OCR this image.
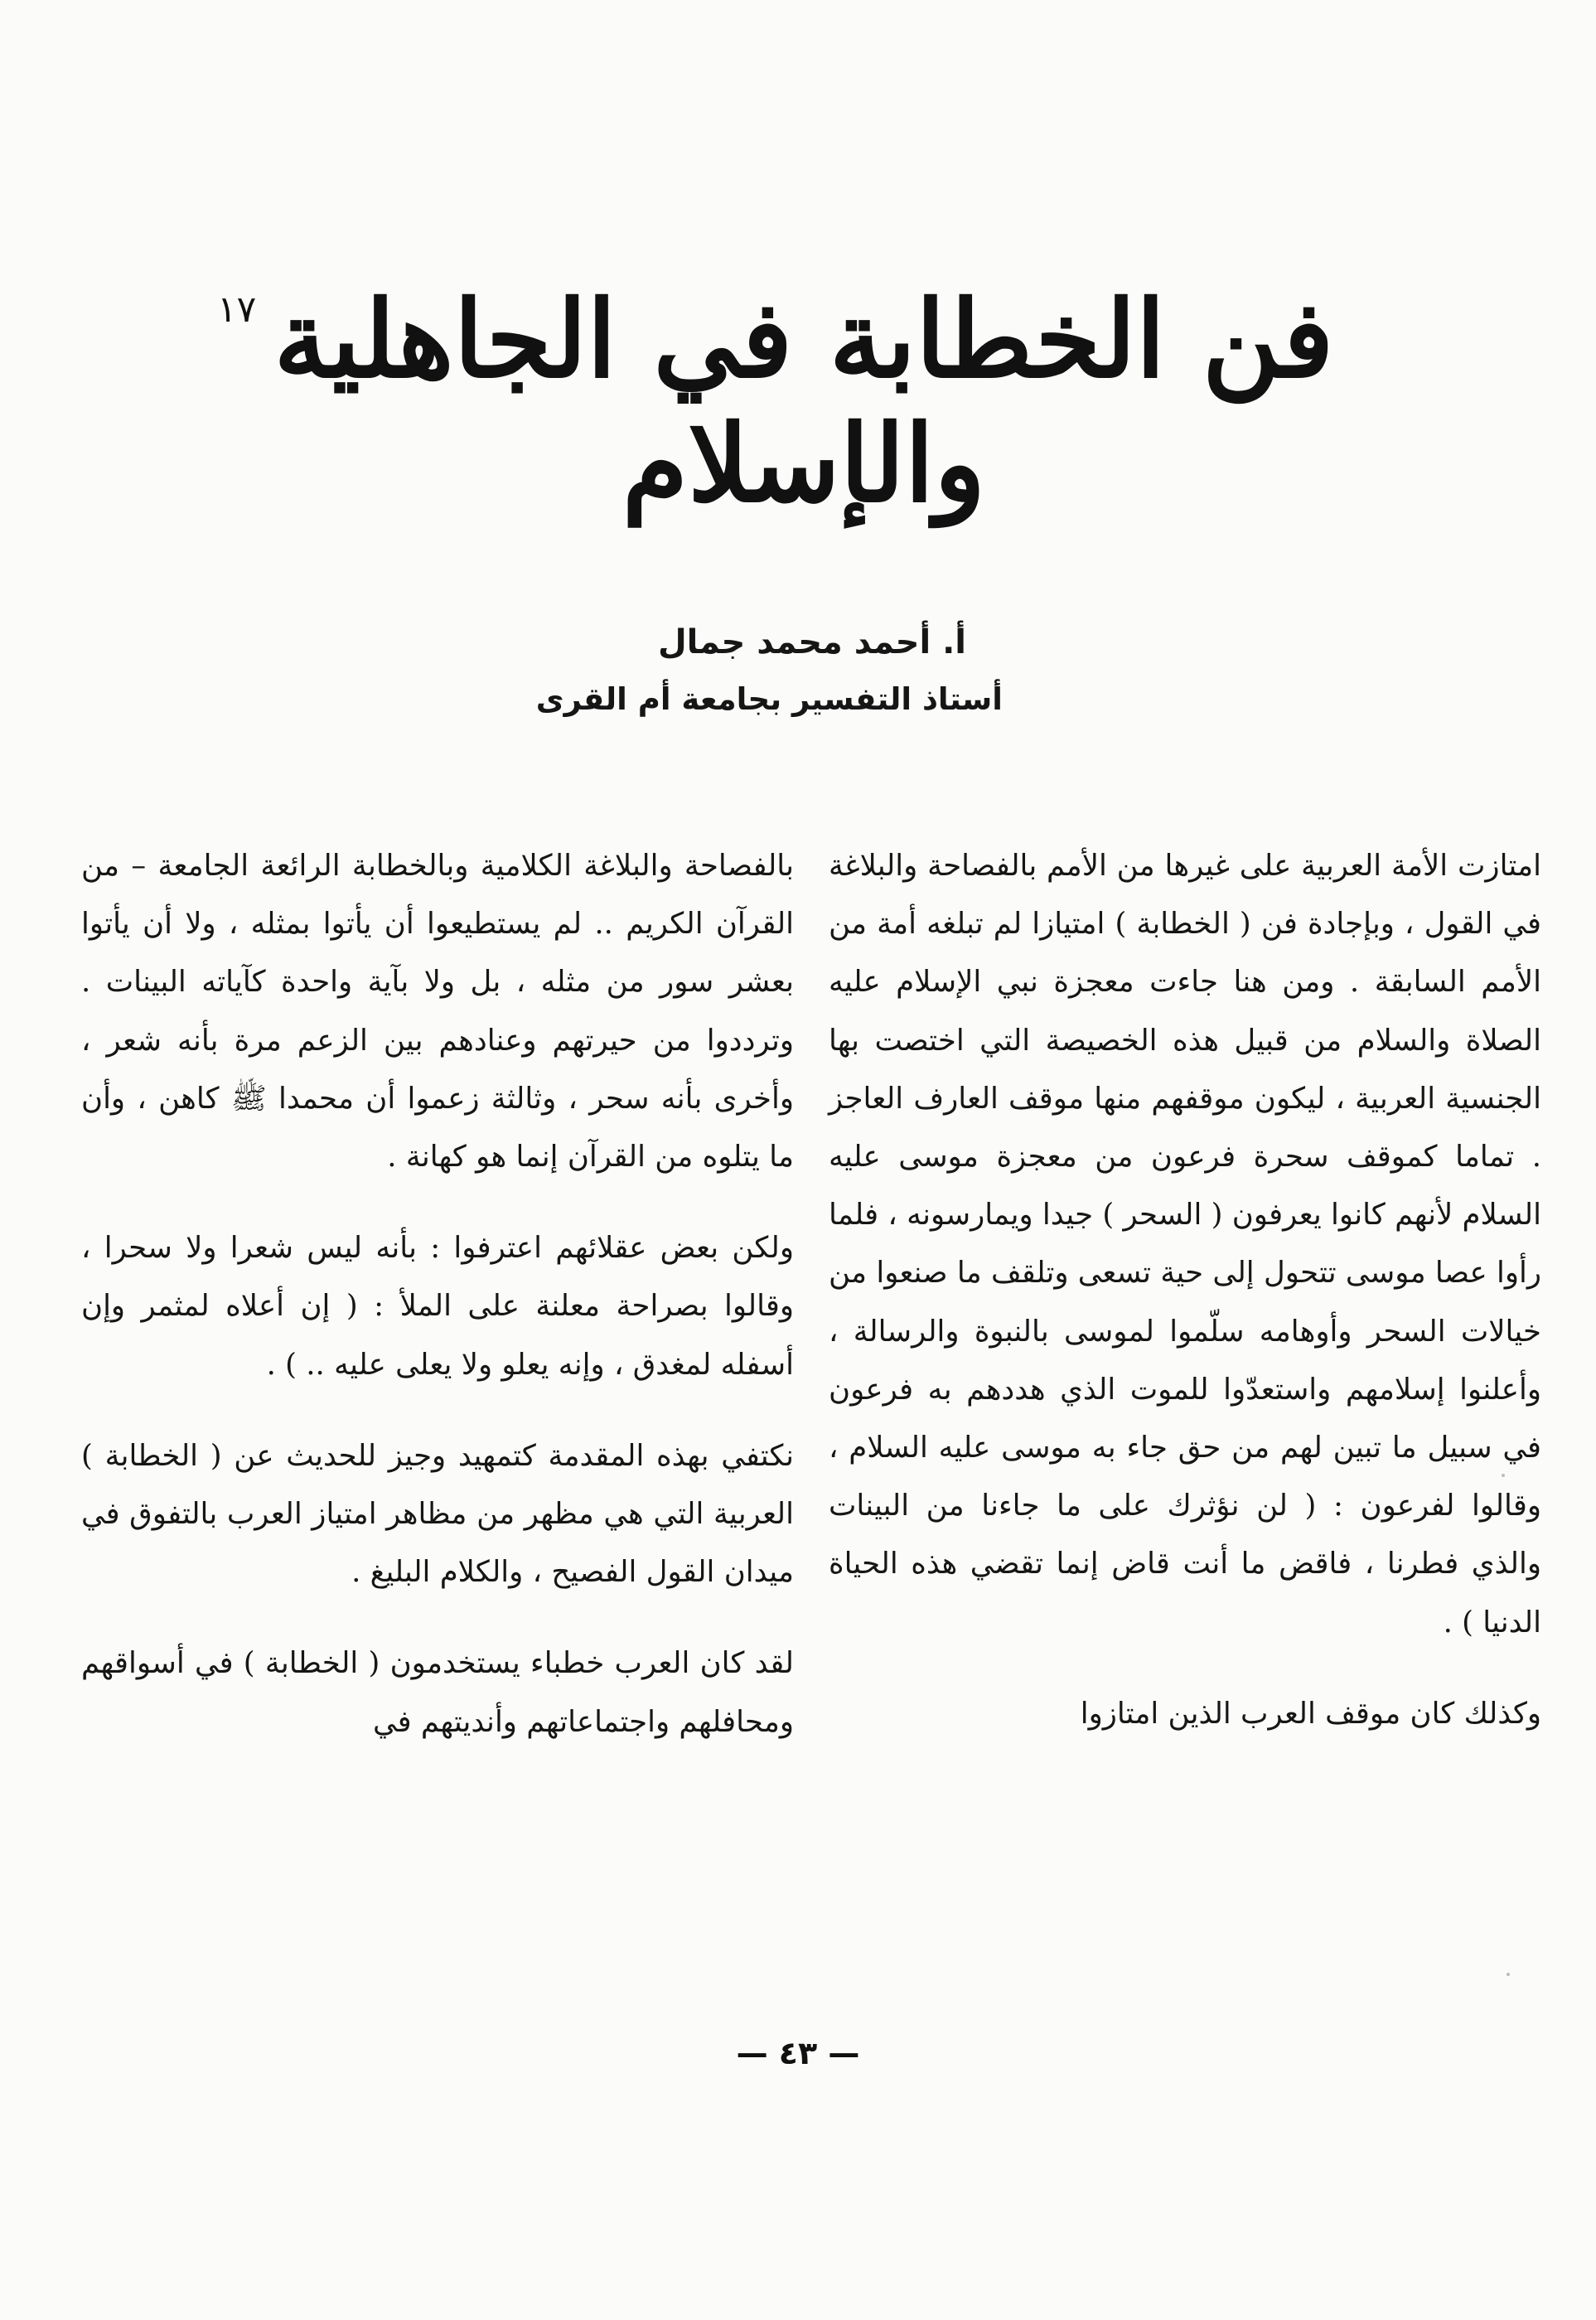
فن الخطابة في الجاهلية والإسلام
١٧
أ. أحمد محمد جمال
أستاذ التفسير بجامعة أم القرى

امتازت الأمة العربية على غيرها من الأمم بالفصاحة والبلاغة في القول ، وبإجادة فن ( الخطابة ) امتيازا لم تبلغه أمة من الأمم السابقة . ومن هنا جاءت معجزة نبي الإسلام عليه الصلاة والسلام من قبيل هذه الخصيصة التي اختصت بها الجنسية العربية ، ليكون موقفهم منها موقف العارف العاجز . تماما كموقف سحرة فرعون من معجزة موسى عليه السلام لأنهم كانوا يعرفون ( السحر ) جيدا ويمارسونه ، فلما رأوا عصا موسى تتحول إلى حية تسعى وتلقف ما صنعوا من خيالات السحر وأوهامه سلّموا لموسى بالنبوة والرسالة ، وأعلنوا إسلامهم واستعدّوا للموت الذي هددهم به فرعون في سبيل ما تبين لهم من حق جاء به موسى عليه السلام ، وقالوا لفرعون : ( لن نؤثرك على ما جاءنا من البينات والذي فطرنا ، فاقض ما أنت قاض إنما تقضي هذه الحياة الدنيا ) .

وكذلك كان موقف العرب الذين امتازوا

بالفصاحة والبلاغة الكلامية وبالخطابة الرائعة الجامعة – من القرآن الكريم .. لم يستطيعوا أن يأتوا بمثله ، ولا أن يأتوا بعشر سور من مثله ، بل ولا بآية واحدة كآياته البينات . وترددوا من حيرتهم وعنادهم بين الزعم مرة بأنه شعر ، وأخرى بأنه سحر ، وثالثة زعموا أن محمدا ﷺ كاهن ، وأن ما يتلوه من القرآن إنما هو كهانة .

ولكن بعض عقلائهم اعترفوا : بأنه ليس شعرا ولا سحرا ، وقالوا بصراحة معلنة على الملأ : ( إن أعلاه لمثمر وإن أسفله لمغدق ، وإنه يعلو ولا يعلى عليه .. ) .

نكتفي بهذه المقدمة كتمهيد وجيز للحديث عن ( الخطابة ) العربية التي هي مظهر من مظاهر امتياز العرب بالتفوق في ميدان القول الفصيح ، والكلام البليغ .

لقد كان العرب خطباء يستخدمون ( الخطابة ) في أسواقهم ومحافلهم واجتماعاتهم وأنديتهم في

— ٤٣ —
